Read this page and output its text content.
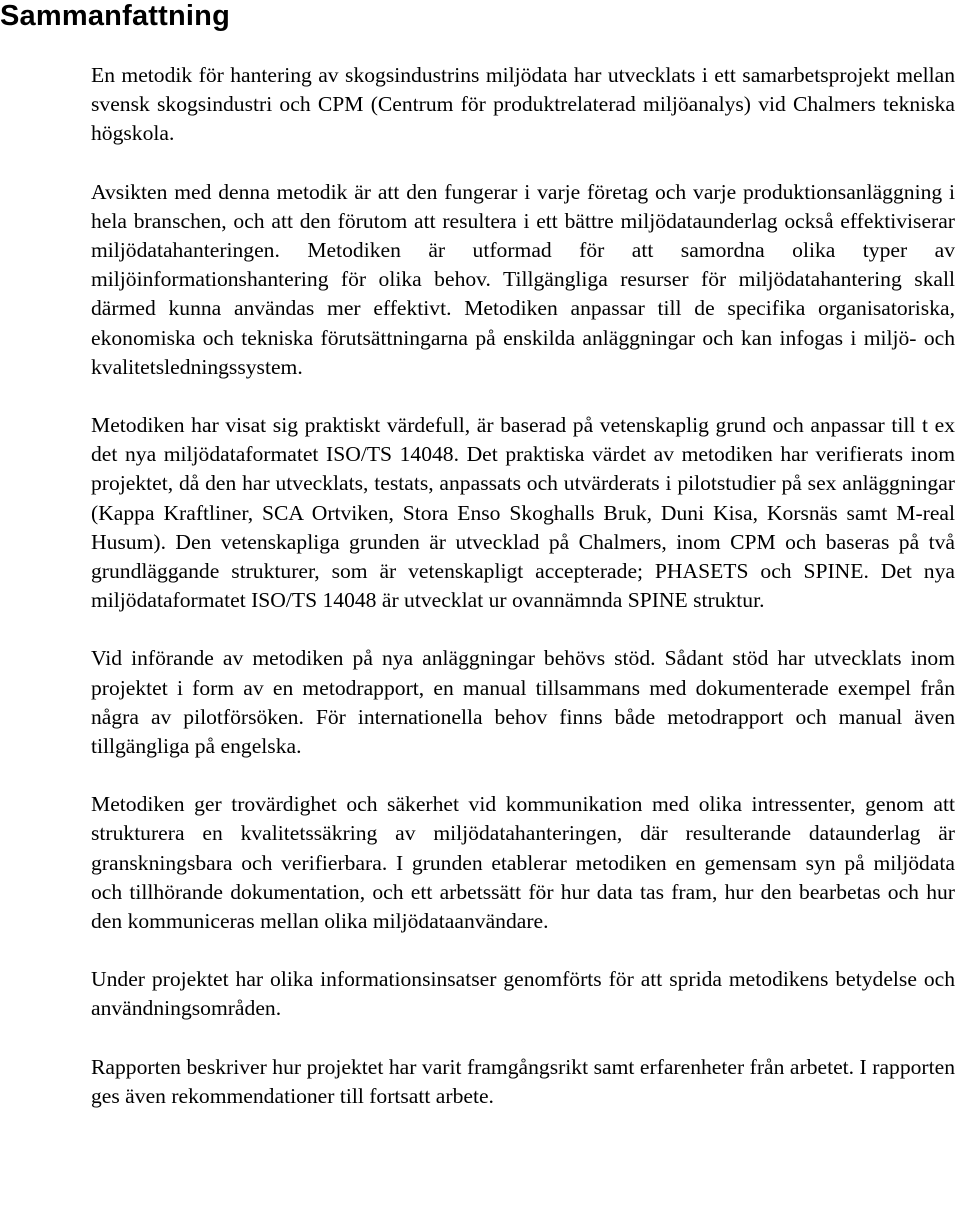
Sammanfattning

En metodik för hantering av skogsindustrins miljödata har utvecklats i ett samarbetsprojekt mellan svensk skogsindustri och CPM (Centrum för produktrelaterad miljöanalys) vid Chalmers tekniska högskola.

Avsikten med denna metodik är att den fungerar i varje företag och varje produktionsanläggning i hela branschen, och att den förutom att resultera i ett bättre miljödataunderlag också effektiviserar miljödatahanteringen. Metodiken är utformad för att samordna olika typer av miljöinformationshantering för olika behov. Tillgängliga resurser för miljödatahantering skall därmed kunna användas mer effektivt. Metodiken anpassar till de specifika organisatoriska, ekonomiska och tekniska förutsättningarna på enskilda anläggningar och kan infogas i miljö- och kvalitetsledningssystem.

Metodiken har visat sig praktiskt värdefull, är baserad på vetenskaplig grund och anpassar till t ex det nya miljödataformatet ISO/TS 14048. Det praktiska värdet av metodiken har verifierats inom projektet, då den har utvecklats, testats, anpassats och utvärderats i pilotstudier på sex anläggningar (Kappa Kraftliner, SCA Ortviken, Stora Enso Skoghalls Bruk, Duni Kisa, Korsnäs samt M-real Husum). Den vetenskapliga grunden är utvecklad på Chalmers, inom CPM och baseras på två grundläggande strukturer, som är vetenskapligt accepterade; PHASETS och SPINE. Det nya miljödataformatet ISO/TS 14048 är utvecklat ur ovannämnda SPINE struktur.

Vid införande av metodiken på nya anläggningar behövs stöd. Sådant stöd har utvecklats inom projektet i form av en metodrapport, en manual tillsammans med dokumenterade exempel från några av pilotförsöken. För internationella behov finns både metodrapport och manual även tillgängliga på engelska.

Metodiken ger trovärdighet och säkerhet vid kommunikation med olika intressenter, genom att strukturera en kvalitetssäkring av miljödatahanteringen, där resulterande dataunderlag är granskningsbara och verifierbara. I grunden etablerar metodiken en gemensam syn på miljödata och tillhörande dokumentation, och ett arbetssätt för hur data tas fram, hur den bearbetas och hur den kommuniceras mellan olika miljödataanvändare.

Under projektet har olika informationsinsatser genomförts för att sprida metodikens betydelse och användningsområden.

Rapporten beskriver hur projektet har varit framgångsrikt samt erfarenheter från arbetet. I rapporten ges även rekommendationer till fortsatt arbete.
